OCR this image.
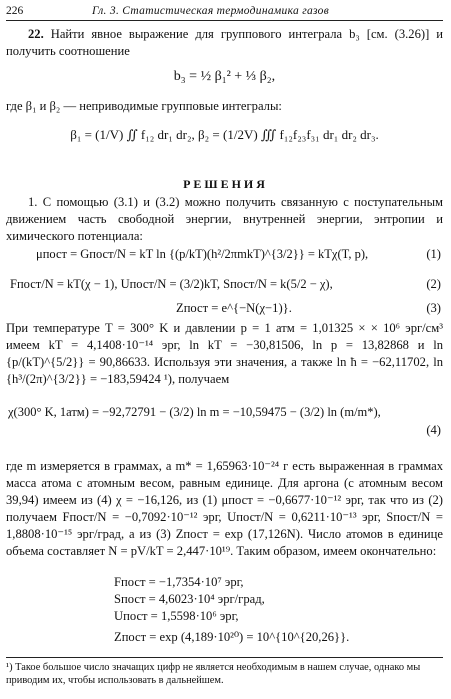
226	Гл. 3. Статистическая термодинамика газов
22. Найти явное выражение для группового интеграла b₃ [см. (3.26)] и получить соотношение
b₃ = ½ β₁² + ⅓ β₂,
где β₁ и β₂ — неприводимые групповые интегралы:
β₁ = (1/V) ∬ f₁₂ dr₁ dr₂, β₂ = (1/2V) ∭ f₁₂f₂₃f₃₁ dr₁ dr₂ dr₃.
РЕШЕНИЯ
1. С помощью (3.1) и (3.2) можно получить связанную с поступательным движением часть свободной энергии, внутренней энергии, энтропии и химического потенциала:
μпост = Gпост/N = kT ln {(p/kT)(h²/2πmkT)^{3/2}} = kTχ(T, p),	(1)
Fпост/N = kT(χ − 1), Uпост/N = (3/2)kT, Sпост/N = k(5/2 − χ),	(2)
Zпост = e^{−N(χ−1)}.	(3)
При температуре T = 300° K и давлении p = 1 атм = 1,01325 × × 10⁶ эрг/см³ имеем kT = 4,1408·10⁻¹⁴ эрг, ln kT = −30,81506, ln p = 13,82868 и ln {p/(kT)^{5/2}} = 90,86633. Используя эти значения, а также ln ħ = −62,11702, ln {h³/(2π)^{3/2}} = −183,59424 ¹), получаем
χ(300° K, 1атм) = −92,72791 − (3/2) ln m = −10,59475 − (3/2) ln (m/m*),
(4)
где m измеряется в граммах, а m* = 1,65963·10⁻²⁴ г есть выраженная в граммах масса атома с атомным весом, равным единице. Для аргона (с атомным весом 39,94) имеем из (4) χ = −16,126, из (1) μпост = −0,6677·10⁻¹² эрг, так что из (2) получаем Fпост/N = −0,7092·10⁻¹² эрг, Uпост/N = 0,6211·10⁻¹³ эрг, Sпост/N = 1,8808·10⁻¹⁵ эрг/град, а из (3) Zпост = exp (17,126N). Число атомов в единице объема составляет N = pV/kT = 2,447·10¹⁹. Таким образом, имеем окончательно:
Fпост = −1,7354·10⁷ эрг,
Sпост = 4,6023·10⁴ эрг/град,
Uпост = 1,5598·10⁶ эрг,
Zпост = exp (4,189·10²⁰) = 10^{10^{20,26}}.
¹) Такое большое число значащих цифр не является необходимым в нашем случае, однако мы приводим их, чтобы использовать в дальнейшем.
